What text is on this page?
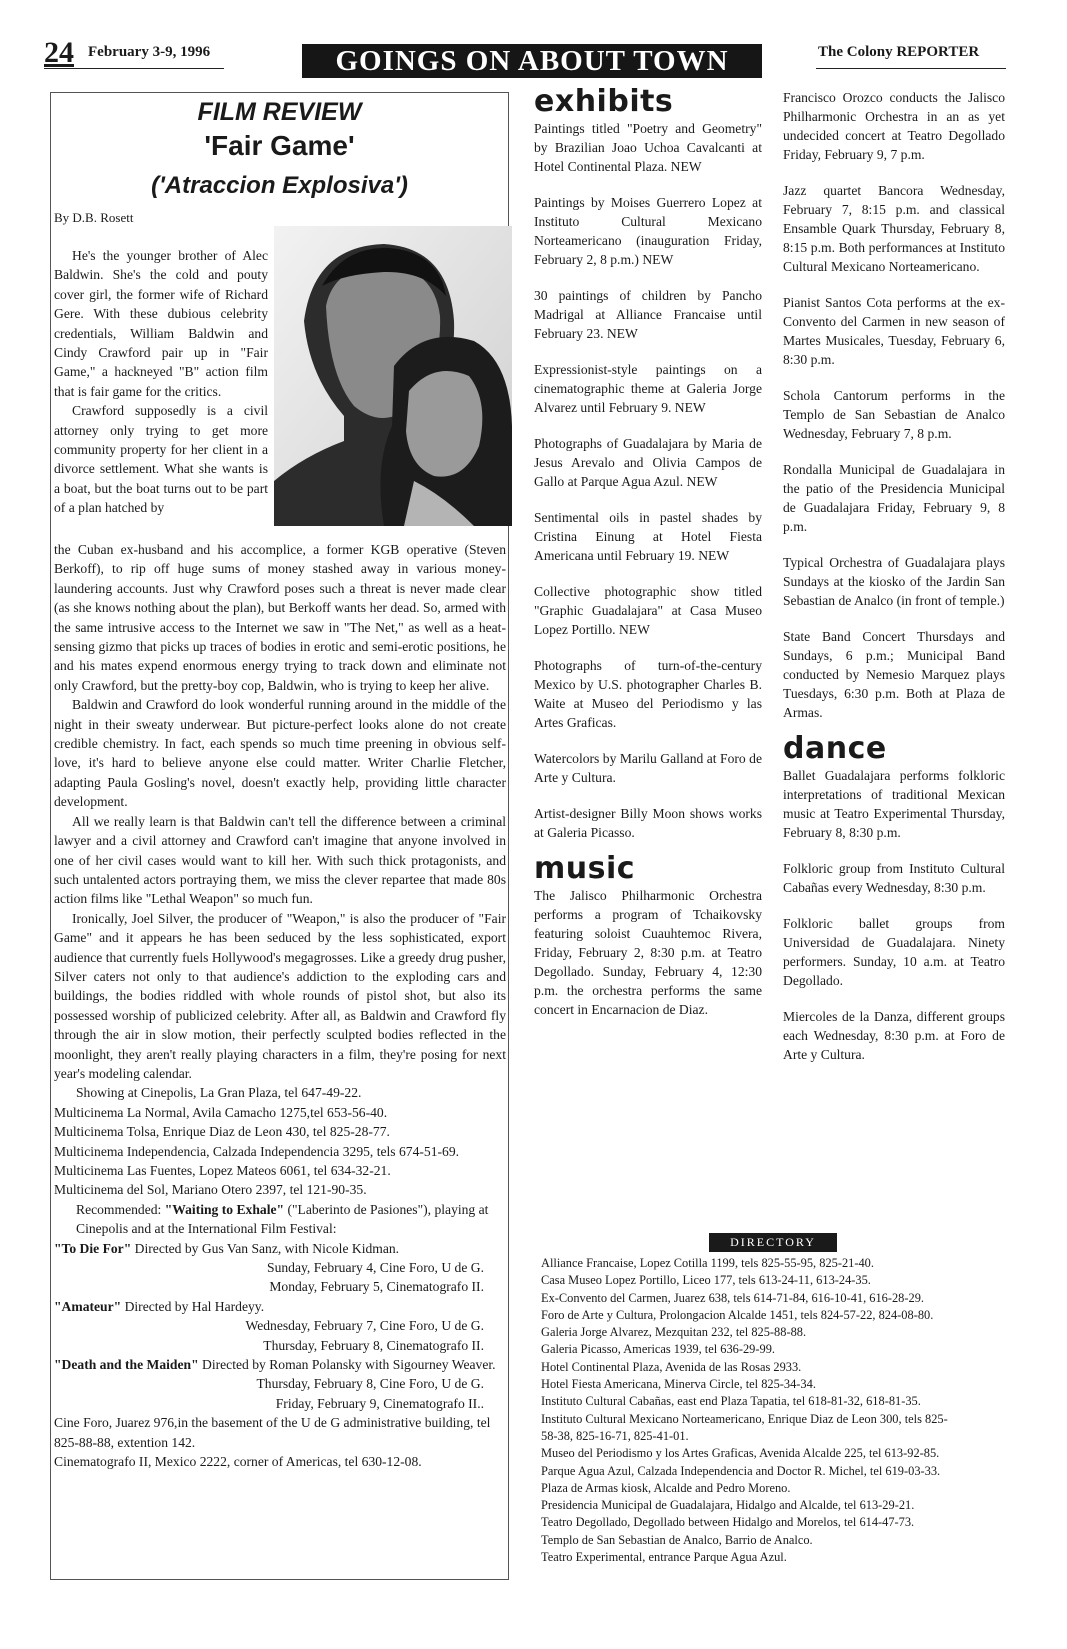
24 February 3-9, 1996	GOINGS ON ABOUT TOWN	The Colony REPORTER
FILM REVIEW
'Fair Game'
('Atraccion Explosiva')
By D.B. Rosett

He's the younger brother of Alec Baldwin. She's the cold and pouty cover girl, the former wife of Richard Gere. With these dubious celebrity credentials, William Baldwin and Cindy Crawford pair up in "Fair Game," a hackneyed "B" action film that is fair game for the critics.

Crawford supposedly is a civil attorney only trying to get more community property for her client in a divorce settlement. What she wants is a boat, but the boat turns out to be part of a plan hatched by

the Cuban ex-husband and his accomplice, a former KGB operative (Steven Berkoff), to rip off huge sums of money stashed away in various money-laundering accounts. Just why Crawford poses such a threat is never made clear (as she knows nothing about the plan), but Berkoff wants her dead. So, armed with the same intrusive access to the Internet we saw in "The Net," as well as a heat-sensing gizmo that picks up traces of bodies in erotic and semi-erotic positions, he and his mates expend enormous energy trying to track down and eliminate not only Crawford, but the pretty-boy cop, Baldwin, who is trying to keep her alive.

Baldwin and Crawford do look wonderful running around in the middle of the night in their sweaty underwear. But picture-perfect looks alone do not create credible chemistry. In fact, each spends so much time preening in obvious self-love, it's hard to believe anyone else could matter. Writer Charlie Fletcher, adapting Paula Gosling's novel, doesn't exactly help, providing little character development.

All we really learn is that Baldwin can't tell the difference between a criminal lawyer and a civil attorney and Crawford can't imagine that anyone involved in one of her civil cases would want to kill her. With such thick protagonists, and such untalented actors portraying them, we miss the clever repartee that made 80s action films like "Lethal Weapon" so much fun.

Ironically, Joel Silver, the producer of "Weapon," is also the producer of "Fair Game" and it appears he has been seduced by the less sophisticated, export audience that currently fuels Hollywood's megagrosses. Like a greedy drug pusher, Silver caters not only to that audience's addiction to the exploding cars and buildings, the bodies riddled with whole rounds of pistol shot, but also its possessed worship of publicized celebrity. After all, as Baldwin and Crawford fly through the air in slow motion, their perfectly sculpted bodies reflected in the moonlight, they aren't really playing characters in a film, they're posing for next year's modeling calendar.

Showing at Cinepolis, La Gran Plaza, tel 647-49-22.
Multicinema La Normal, Avila Camacho 1275,tel 653-56-40.
Multicinema Tolsa, Enrique Diaz de Leon 430, tel 825-28-77.
Multicinema Independencia, Calzada Independencia 3295, tels 674-51-69.
Multicinema Las Fuentes, Lopez Mateos 6061, tel 634-32-21.
Multicinema del Sol, Mariano Otero 2397, tel 121-90-35.
Recommended: "Waiting to Exhale" ("Laberinto de Pasiones"), playing at Cinepolis and at the International Film Festival:
"To Die For" Directed by Gus Van Sanz, with Nicole Kidman.
Sunday, February 4, Cine Foro, U de G.
Monday, February 5, Cinematografo II.
"Amateur" Directed by Hal Hardeyy.
Wednesday, February 7, Cine Foro, U de G.
Thursday, February 8, Cinematografo II.
"Death and the Maiden" Directed by Roman Polansky with Sigourney Weaver.
Thursday, February 8, Cine Foro, U de G.
Friday, February 9, Cinematografo II..
Cine Foro, Juarez 976,in the basement of the U de G administrative building, tel 825-88-88, extention 142.
Cinematografo II, Mexico 2222, corner of Americas, tel 630-12-08.
exhibits

Paintings titled "Poetry and Geometry" by Brazilian Joao Uchoa Cavalcanti at Hotel Continental Plaza. NEW

Paintings by Moises Guerrero Lopez at Instituto Cultural Mexicano Norteamericano (inauguration Friday, February 2, 8 p.m.) NEW

30 paintings of children by Pancho Madrigal at Alliance Francaise until February 23. NEW

Expressionist-style paintings on a cinematographic theme at Galeria Jorge Alvarez until February 9. NEW

Photographs of Guadalajara by Maria de Jesus Arevalo and Olivia Campos de Gallo at Parque Agua Azul. NEW

Sentimental oils in pastel shades by Cristina Einung at Hotel Fiesta Americana until February 19. NEW

Collective photographic show titled "Graphic Guadalajara" at Casa Museo Lopez Portillo. NEW

Photographs of turn-of-the-century Mexico by U.S. photographer Charles B. Waite at Museo del Periodismo y las Artes Graficas.

Watercolors by Marilu Galland at Foro de Arte y Cultura.

Artist-designer Billy Moon shows works at Galeria Picasso.

music

The Jalisco Philharmonic Orchestra performs a program of Tchaikovsky featuring soloist Cuauhtemoc Rivera, Friday, February 2, 8:30 p.m. at Teatro Degollado. Sunday, February 4, 12:30 p.m. the orchestra performs the same concert in Encarnacion de Diaz.

Francisco Orozco conducts the Jalisco Philharmonic Orchestra in an as yet undecided concert at Teatro Degollado Friday, February 9, 7 p.m.

Jazz quartet Bancora Wednesday, February 7, 8:15 p.m. and classical Ensamble Quark Thursday, February 8, 8:15 p.m. Both performances at Instituto Cultural Mexicano Norteamericano.

Pianist Santos Cota performs at the ex-Convento del Carmen in new season of Martes Musicales, Tuesday, February 6, 8:30 p.m.

Schola Cantorum performs in the Templo de San Sebastian de Analco Wednesday, February 7, 8 p.m.

Rondalla Municipal de Guadalajara in the patio of the Presidencia Municipal de Guadalajara Friday, February 9, 8 p.m.

Typical Orchestra of Guadalajara plays Sundays at the kiosko of the Jardin San Sebastian de Analco (in front of temple.)

State Band Concert Thursdays and Sundays, 6 p.m.; Municipal Band conducted by Nemesio Marquez plays Tuesdays, 6:30 p.m. Both at Plaza de Armas.

dance

Ballet Guadalajara performs folkloric interpretations of traditional Mexican music at Teatro Experimental Thursday, February 8, 8:30 p.m.

Folkloric group from Instituto Cultural Cabañas every Wednesday, 8:30 p.m.

Folkloric ballet groups from Universidad de Guadalajara. Ninety performers. Sunday, 10 a.m. at Teatro Degollado.

Miercoles de la Danza, different groups each Wednesday, 8:30 p.m. at Foro de Arte y Cultura.

DIRECTORY
Alliance Francaise, Lopez Cotilla 1199, tels 825-55-95, 825-21-40.
Casa Museo Lopez Portillo, Liceo 177, tels 613-24-11, 613-24-35.
Ex-Convento del Carmen, Juarez 638, tels 614-71-84, 616-10-41, 616-28-29.
Foro de Arte y Cultura, Prolongacion Alcalde 1451, tels 824-57-22, 824-08-80.
Galeria Jorge Alvarez, Mezquitan 232, tel 825-88-88.
Galeria Picasso, Americas 1939, tel 636-29-99.
Hotel Continental Plaza, Avenida de las Rosas 2933.
Hotel Fiesta Americana, Minerva Circle, tel 825-34-34.
Instituto Cultural Cabañas, east end Plaza Tapatia, tel 618-81-32, 618-81-35.
Instituto Cultural Mexicano Norteamericano, Enrique Diaz de Leon 300, tels 825-
58-38, 825-16-71, 825-41-01.
Museo del Periodismo y los Artes Graficas, Avenida Alcalde 225, tel 613-92-85.
Parque Agua Azul, Calzada Independencia and Doctor R. Michel, tel 619-03-33.
Plaza de Armas kiosk, Alcalde and Pedro Moreno.
Presidencia Municipal de Guadalajara, Hidalgo and Alcalde, tel 613-29-21.
Teatro Degollado, Degollado between Hidalgo and Morelos, tel 614-47-73.
Templo de San Sebastian de Analco, Barrio de Analco.
Teatro Experimental, entrance Parque Agua Azul.
